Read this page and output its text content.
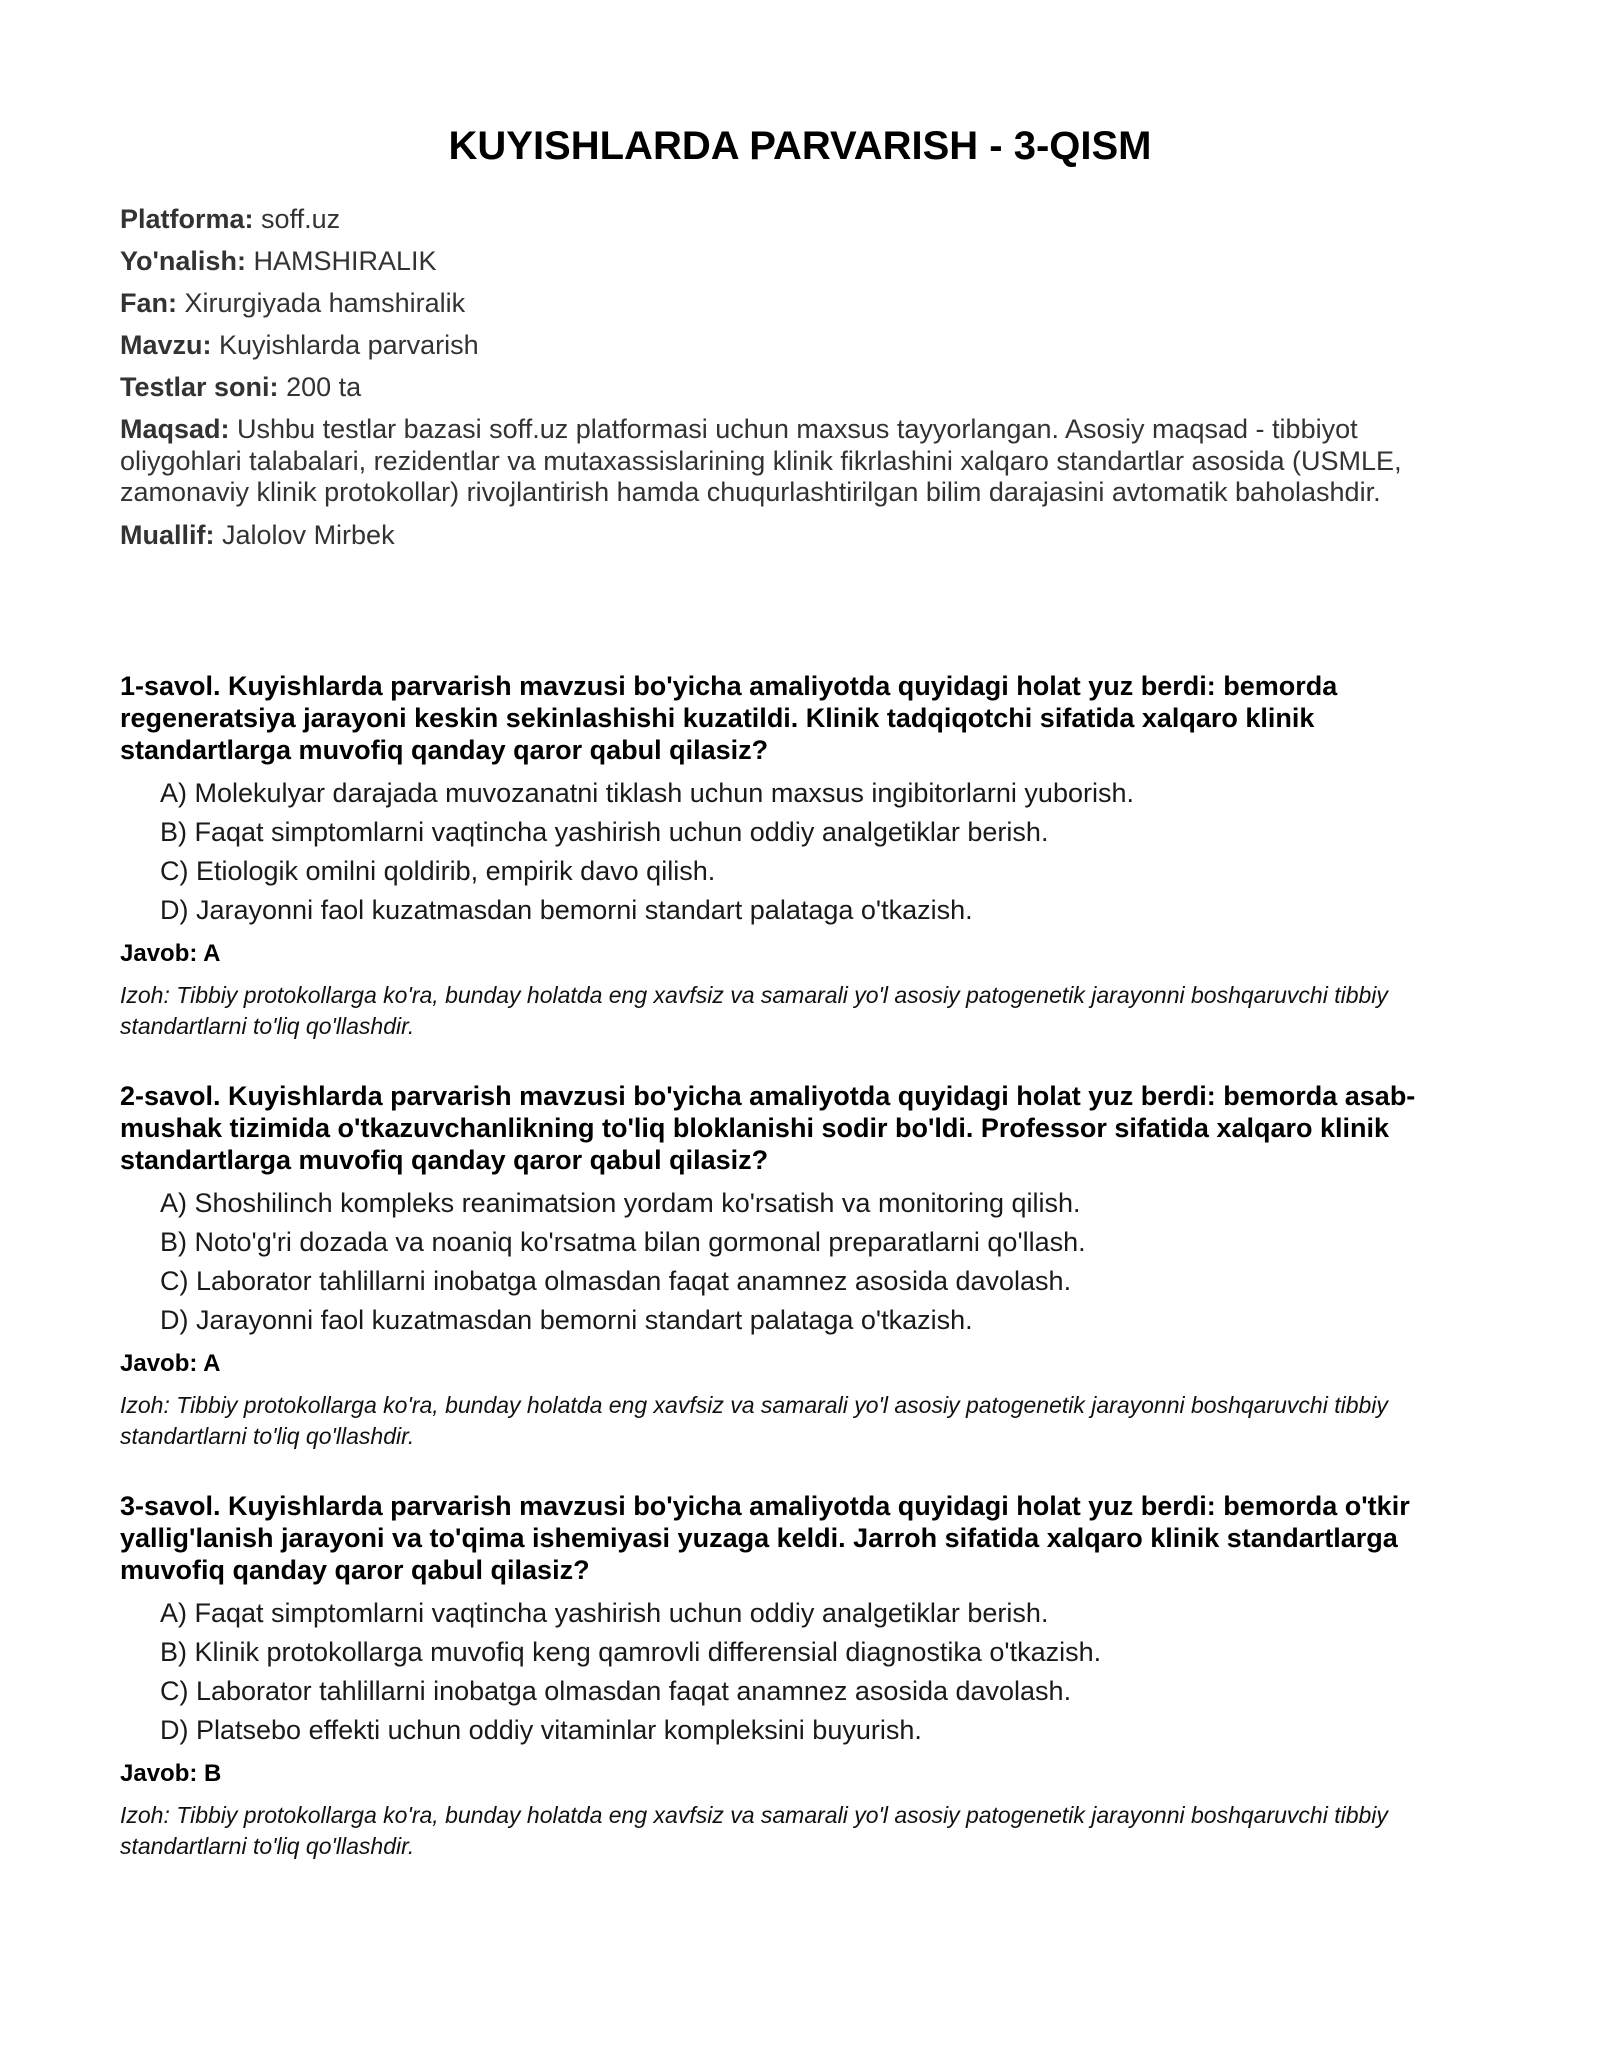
KUYISHLARDA PARVARISH - 3-QISM

Platforma: soff.uz

Yo'nalish: HAMSHIRALIK

Fan: Xirurgiyada hamshiralik

Mavzu: Kuyishlarda parvarish

Testlar soni: 200 ta

Maqsad: Ushbu testlar bazasi soff.uz platformasi uchun maxsus tayyorlangan. Asosiy maqsad - tibbiyot oliygohlari talabalari, rezidentlar va mutaxassislarining klinik fikrlashini xalqaro standartlar asosida (USMLE, zamonaviy klinik protokollar) rivojlantirish hamda chuqurlashtirilgan bilim darajasini avtomatik baholashdir.

Muallif: Jalolov Mirbek

1-savol. Kuyishlarda parvarish mavzusi bo'yicha amaliyotda quyidagi holat yuz berdi: bemorda regeneratsiya jarayoni keskin sekinlashishi kuzatildi. Klinik tadqiqotchi sifatida xalqaro klinik standartlarga muvofiq qanday qaror qabul qilasiz?

A) Molekulyar darajada muvozanatni tiklash uchun maxsus ingibitorlarni yuborish.
B) Faqat simptomlarni vaqtincha yashirish uchun oddiy analgetiklar berish.
C) Etiologik omilni qoldirib, empirik davo qilish.
D) Jarayonni faol kuzatmasdan bemorni standart palataga o'tkazish.

Javob: A

Izoh: Tibbiy protokollarga ko'ra, bunday holatda eng xavfsiz va samarali yo'l asosiy patogenetik jarayonni boshqaruvchi tibbiy standartlarni to'liq qo'llashdir.

2-savol. Kuyishlarda parvarish mavzusi bo'yicha amaliyotda quyidagi holat yuz berdi: bemorda asab-mushak tizimida o'tkazuvchanlikning to'liq bloklanishi sodir bo'ldi. Professor sifatida xalqaro klinik standartlarga muvofiq qanday qaror qabul qilasiz?

A) Shoshilinch kompleks reanimatsion yordam ko'rsatish va monitoring qilish.
B) Noto'g'ri dozada va noaniq ko'rsatma bilan gormonal preparatlarni qo'llash.
C) Laborator tahlillarni inobatga olmasdan faqat anamnez asosida davolash.
D) Jarayonni faol kuzatmasdan bemorni standart palataga o'tkazish.

Javob: A

Izoh: Tibbiy protokollarga ko'ra, bunday holatda eng xavfsiz va samarali yo'l asosiy patogenetik jarayonni boshqaruvchi tibbiy standartlarni to'liq qo'llashdir.

3-savol. Kuyishlarda parvarish mavzusi bo'yicha amaliyotda quyidagi holat yuz berdi: bemorda o'tkir yallig'lanish jarayoni va to'qima ishemiyasi yuzaga keldi. Jarroh sifatida xalqaro klinik standartlarga muvofiq qanday qaror qabul qilasiz?

A) Faqat simptomlarni vaqtincha yashirish uchun oddiy analgetiklar berish.
B) Klinik protokollarga muvofiq keng qamrovli differensial diagnostika o'tkazish.
C) Laborator tahlillarni inobatga olmasdan faqat anamnez asosida davolash.
D) Platsebo effekti uchun oddiy vitaminlar kompleksini buyurish.

Javob: B

Izoh: Tibbiy protokollarga ko'ra, bunday holatda eng xavfsiz va samarali yo'l asosiy patogenetik jarayonni boshqaruvchi tibbiy standartlarni to'liq qo'llashdir.
